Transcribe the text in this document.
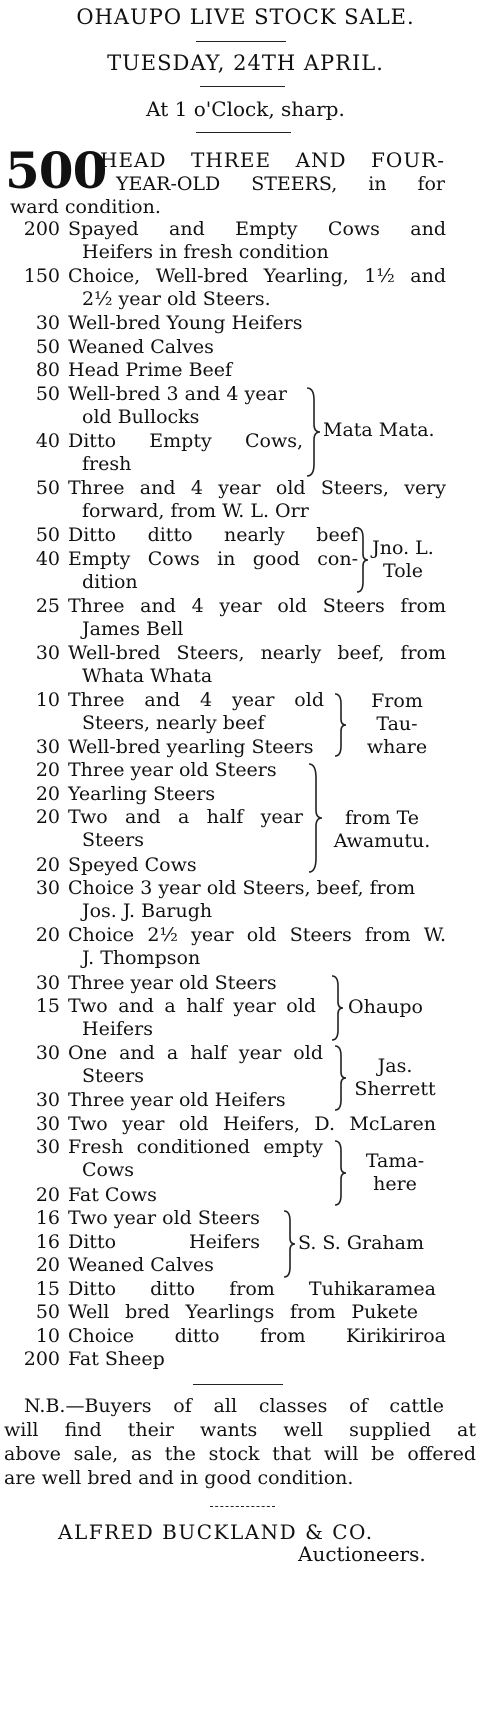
OHAUPO LIVE STOCK SALE.
TUESDAY, 24TH APRIL.
At 1 o'Clock, sharp.
500
HEAD THREE AND FOUR-
YEAR-OLD STEERS, in for
ward condition.
200 Spayed and Empty Cows and
Heifers in fresh condition
150 Choice, Well-bred Yearling, 1½ and
2½ year old Steers.
30 Well-bred Young Heifers
50 Weaned Calves
80 Head Prime Beef
50 Well-bred 3 and 4 year
old Bullocks
40 Ditto Empty Cows,
fresh
Mata Mata.
50 Three and 4 year old Steers, very
forward, from W. L. Orr
50 Ditto ditto nearly beef
40 Empty Cows in good con-
dition
Jno. L.
Tole
25 Three and 4 year old Steers from
James Bell
30 Well-bred Steers, nearly beef, from
Whata Whata
10 Three and 4 year old
Steers, nearly beef
30 Well-bred yearling Steers
From
Tau-
whare
20 Three year old Steers
20 Yearling Steers
20 Two and a half year
Steers
20 Speyed Cows
from Te
Awamutu.
30 Choice 3 year old Steers, beef, from
Jos. J. Barugh
20 Choice 2½ year old Steers from W.
J. Thompson
30 Three year old Steers
15 Two and a half year old
Heifers
Ohaupo
30 One and a half year old
Steers
30 Three year old Heifers
Jas.
Sherrett
30 Two year old Heifers, D. McLaren
30 Fresh conditioned empty
Cows
20 Fat Cows
Tama-
here
16 Two year old Steers
16 Ditto Heifers
20 Weaned Calves
S. S. Graham
15 Ditto ditto from Tuhikaramea
50 Well bred Yearlings from Pukete
10 Choice ditto from Kirikiriroa
200 Fat Sheep
N.B.—Buyers of all classes of cattle
will find their wants well supplied at
above sale, as the stock that will be offered
are well bred and in good condition.
ALFRED BUCKLAND & CO.
Auctioneers.
